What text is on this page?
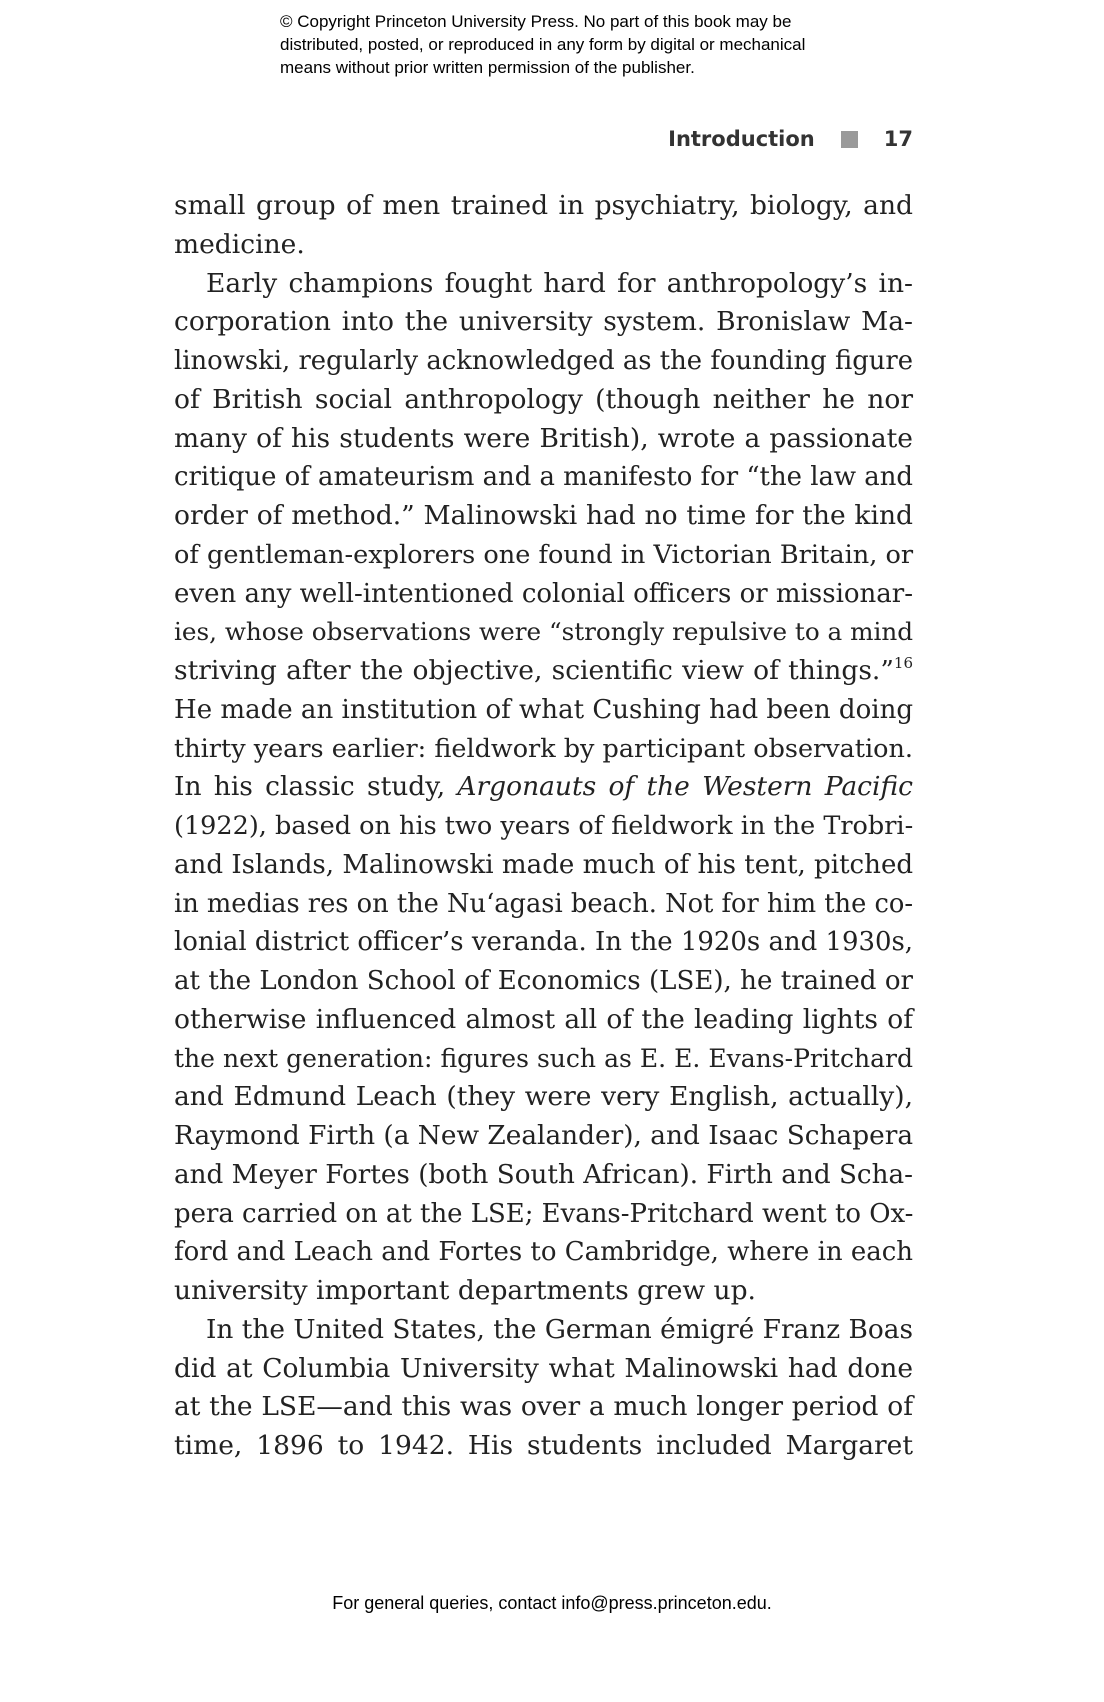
© Copyright Princeton University Press. No part of this book may be
distributed, posted, or reproduced in any form by digital or mechanical
means without prior written permission of the publisher.
Introduction	17
small group of men trained in psychiatry, biology, and
medicine.
Early champions fought hard for anthropology’s in-
corporation into the university system. Bronislaw Ma-
linowski, regularly acknowledged as the founding figure
of British social anthropology (though neither he nor
many of his students were British), wrote a passionate
critique of amateurism and a manifesto for “the law and
order of method.” Malinowski had no time for the kind
of gentleman-explorers one found in Victorian Britain, or
even any well-intentioned colonial officers or missionar-
ies, whose observations were “strongly repulsive to a mind
striving after the objective, scientific view of things.”$^{16}$
He made an institution of what Cushing had been doing
thirty years earlier: fieldwork by participant observation.
In his classic study, Argonauts of the Western Pacific
(1922), based on his two years of fieldwork in the Trobri-
and Islands, Malinowski made much of his tent, pitched
in medias res on the Nu‘agasi beach. Not for him the co-
lonial district officer’s veranda. In the 1920s and 1930s,
at the London School of Economics (LSE), he trained or
otherwise influenced almost all of the leading lights of
the next generation: figures such as E. E. Evans-Pritchard
and Edmund Leach (they were very English, actually),
Raymond Firth (a New Zealander), and Isaac Schapera
and Meyer Fortes (both South African). Firth and Scha-
pera carried on at the LSE; Evans-Pritchard went to Ox-
ford and Leach and Fortes to Cambridge, where in each
university important departments grew up.
In the United States, the German émigré Franz Boas
did at Columbia University what Malinowski had done
at the LSE—and this was over a much longer period of
time, 1896 to 1942. His students included Margaret
For general queries, contact info@press.princeton.edu.
